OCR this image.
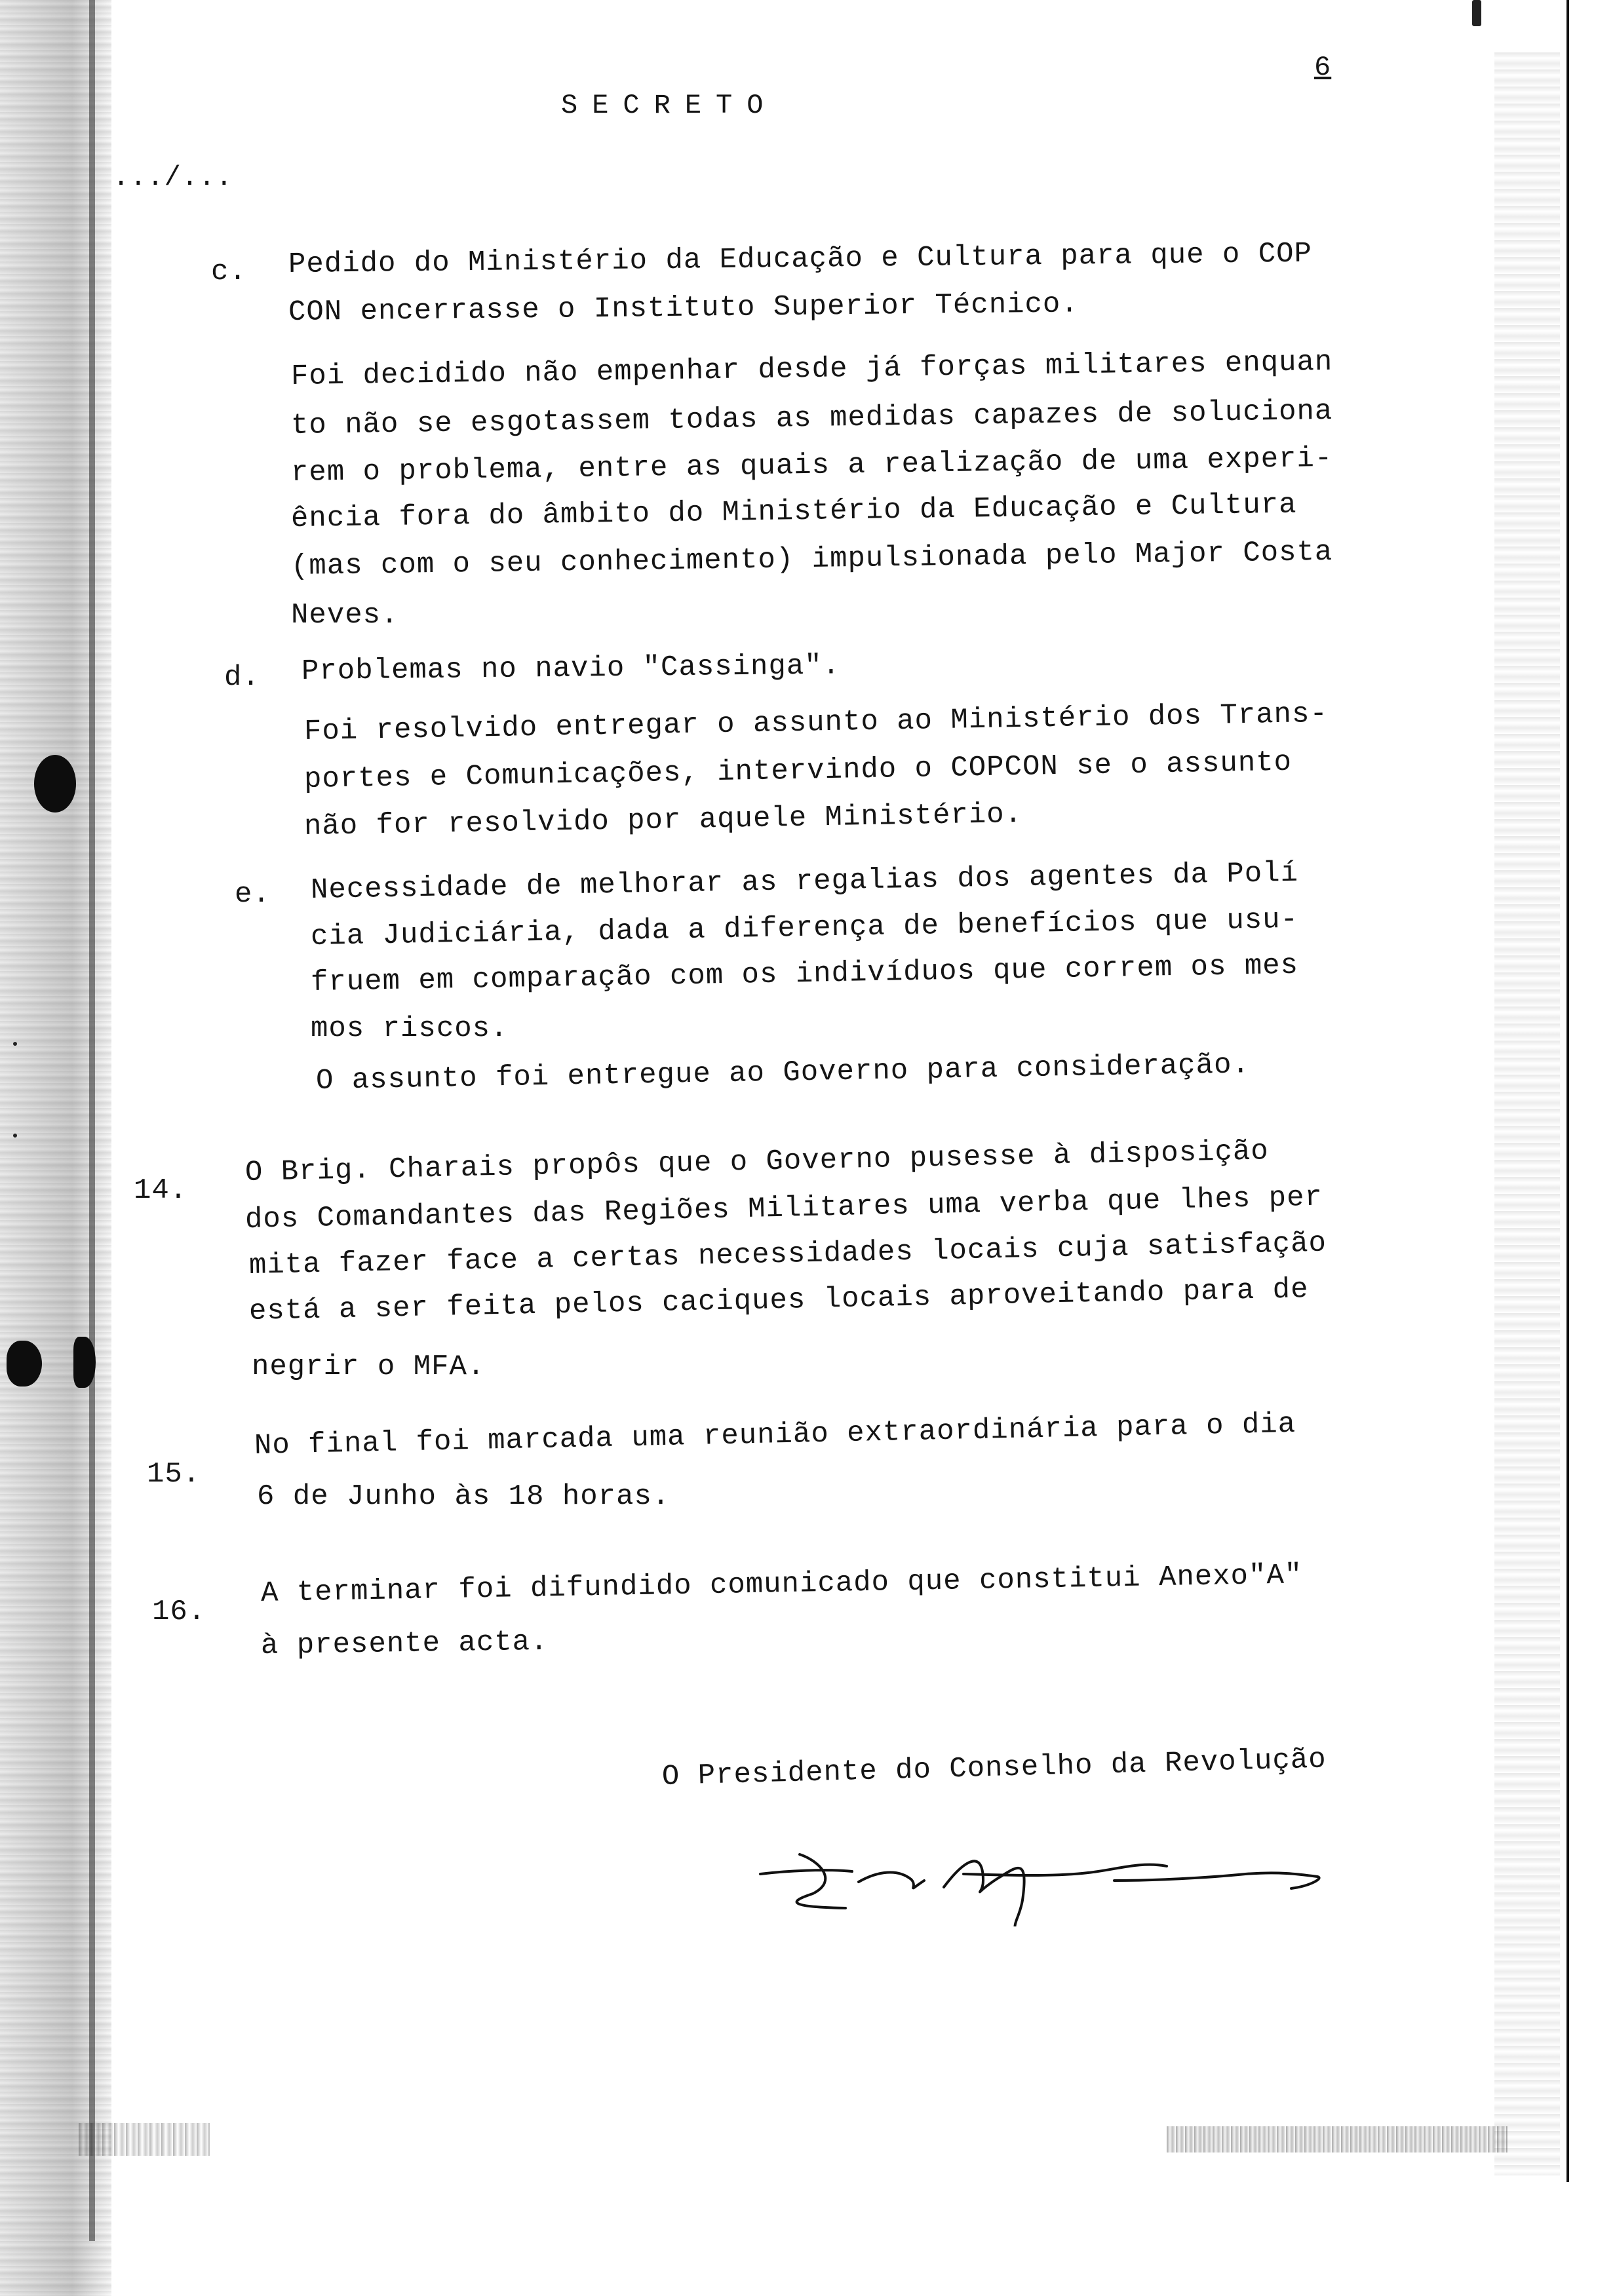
SECRETO
6
.../...
c. Pedido do Ministério da Educação e Cultura para que o COP
CON encerrasse o Instituto Superior Técnico.
Foi decidido não empenhar desde já forças militares enquan
to não se esgotassem todas as medidas capazes de soluciona
rem o problema, entre as quais a realização de uma experi-
ência fora do âmbito do Ministério da Educação e Cultura
(mas com o seu conhecimento) impulsionada pelo Major Costa
Neves.
d. Problemas no navio "Cassinga".
Foi resolvido entregar o assunto ao Ministério dos Trans-
portes e Comunicações, intervindo o COPCON se o assunto
não for resolvido por aquele Ministério.
e. Necessidade de melhorar as regalias dos agentes da Polí
cia Judiciária, dada a diferença de benefícios que usu-
fruem em comparação com os indivíduos que correm os mes
mos riscos.
O assunto foi entregue ao Governo para consideração.
14.
O Brig. Charais propôs que o Governo pusesse à disposição
dos Comandantes das Regiões Militares uma verba que lhes per
mita fazer face a certas necessidades locais cuja satisfação
está a ser feita pelos caciques locais aproveitando para de
negrir o MFA.
15.
No final foi marcada uma reunião extraordinária para o dia
6 de Junho às 18 horas.
16.
A terminar foi difundido comunicado que constitui Anexo"A"
à presente acta.
O Presidente do Conselho da Revolução
